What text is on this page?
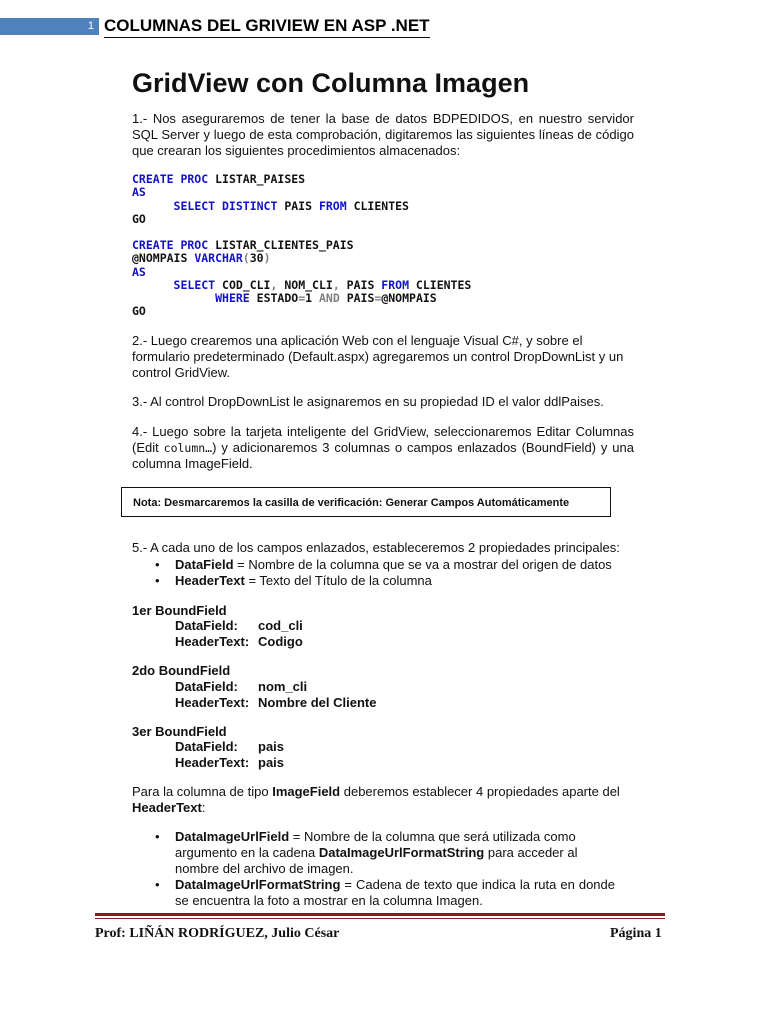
1 COLUMNAS DEL GRIVIEW EN ASP .NET
GridView con Columna Imagen

1.- Nos aseguraremos de tener la base de datos BDPEDIDOS, en nuestro servidor SQL Server y luego de esta comprobación, digitaremos las siguientes líneas de código que crearan los siguientes procedimientos almacenados:

CREATE PROC LISTAR_PAISES
AS
SELECT DISTINCT PAIS FROM CLIENTES
GO

CREATE PROC LISTAR_CLIENTES_PAIS
@NOMPAIS VARCHAR(30)
AS
SELECT COD_CLI, NOM_CLI, PAIS FROM CLIENTES
WHERE ESTADO=1 AND PAIS=@NOMPAIS
GO

2.- Luego crearemos una aplicación Web con el lenguaje Visual C#, y sobre el formulario predeterminado (Default.aspx) agregaremos un control DropDownList y un control GridView.

3.- Al control DropDownList le asignaremos en su propiedad ID el valor ddlPaises.

4.- Luego sobre la tarjeta inteligente del GridView, seleccionaremos Editar Columnas (Edit column…) y adicionaremos 3 columnas o campos enlazados (BoundField) y una columna ImageField.

Nota: Desmarcaremos la casilla de verificación: Generar Campos Automáticamente

5.- A cada uno de los campos enlazados, estableceremos 2 propiedades principales:

• DataField = Nombre de la columna que se va a mostrar del origen de datos
• HeaderText = Texto del Título de la columna
1er BoundField
DataField: cod_cli
HeaderText: Codigo
2do BoundField
DataField: nom_cli
HeaderText: Nombre del Cliente
3er BoundField
DataField: pais
HeaderText: pais

Para la columna de tipo ImageField deberemos establecer 4 propiedades aparte del HeaderText:

• DataImageUrlField = Nombre de la columna que será utilizada como argumento en la cadena DataImageUrlFormatString para acceder al nombre del archivo de imagen.
• DataImageUrlFormatString = Cadena de texto que indica la ruta en donde se encuentra la foto a mostrar en la columna Imagen.
Prof: LIÑÁN RODRÍGUEZ, Julio César	Página 1
